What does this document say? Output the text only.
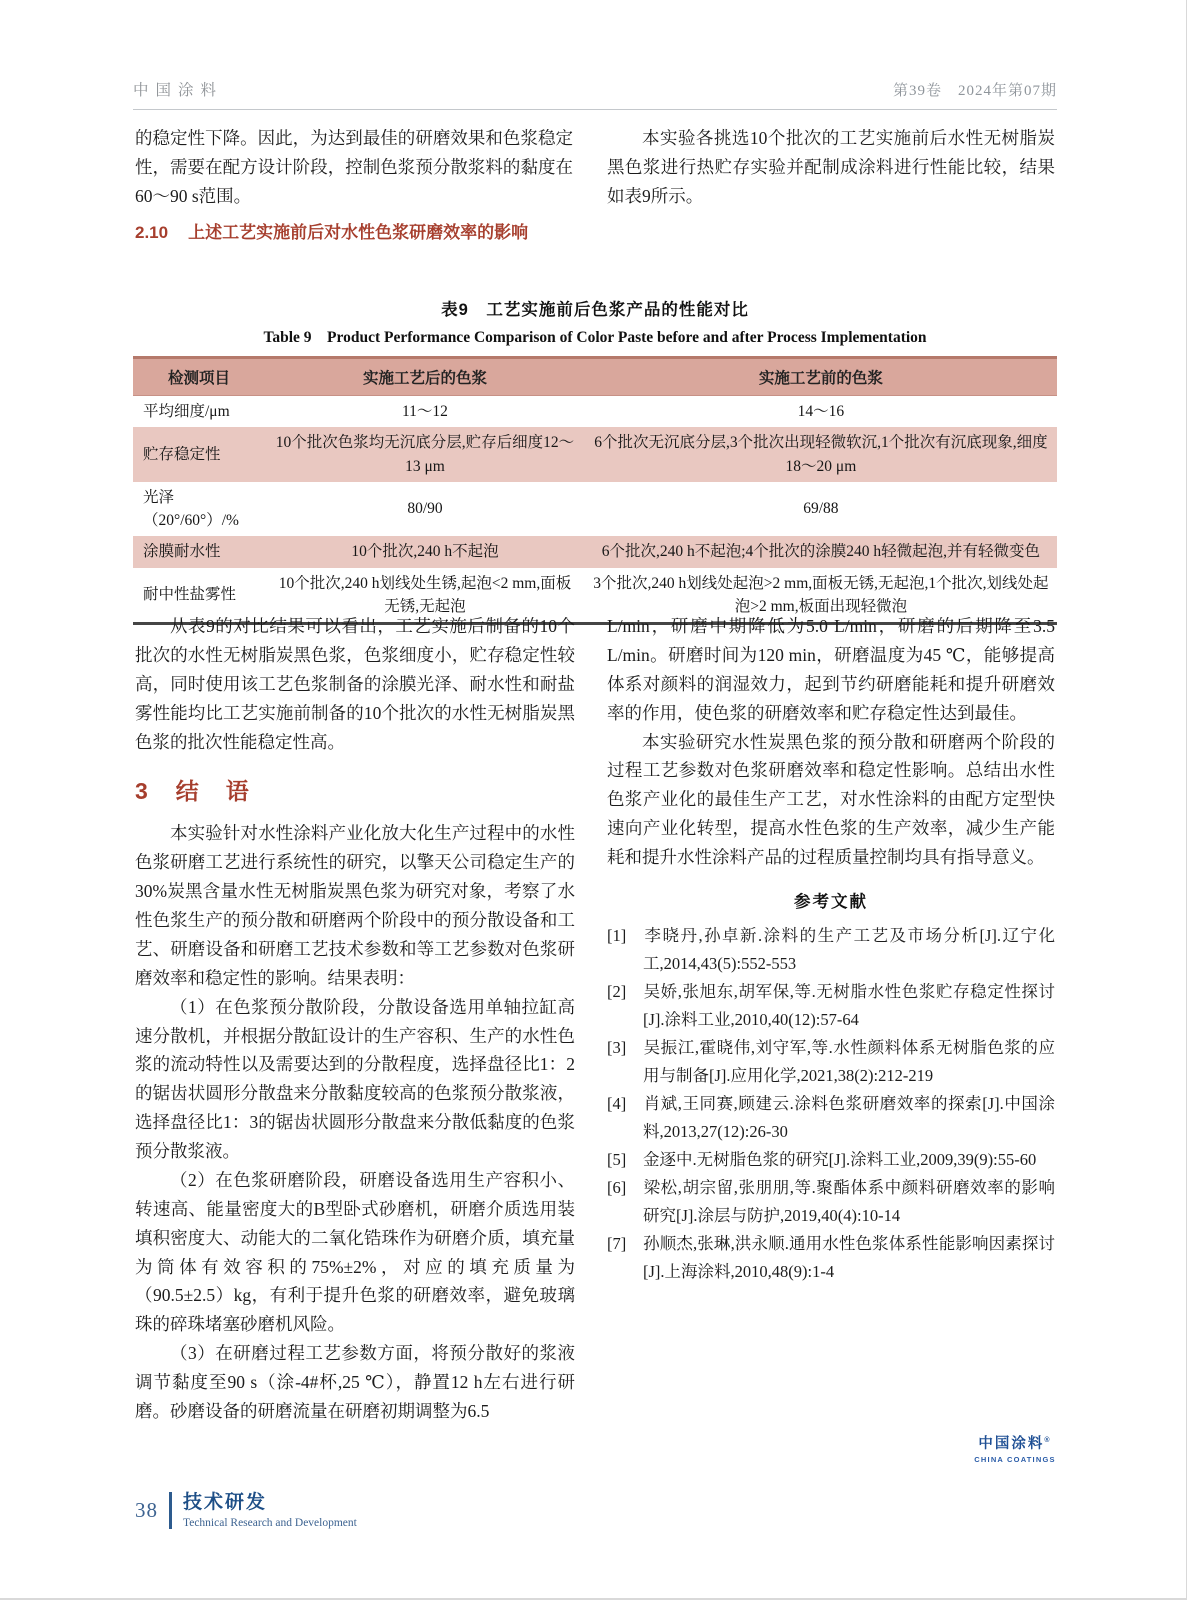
中国涂料	第39卷　2024年第07期

的稳定性下降。因此，为达到最佳的研磨效果和色浆稳定性，需要在配方设计阶段，控制色浆预分散浆料的黏度在60～90 s范围。

2.10 上述工艺实施前后对水性色浆研磨效率的影响

本实验各挑选10个批次的工艺实施前后水性无树脂炭黑色浆进行热贮存实验并配制成涂料进行性能比较，结果如表9所示。

表9　工艺实施前后色浆产品的性能对比
Table 9　Product Performance Comparison of Color Paste before and after Process Implementation
检测项目	实施工艺后的色浆	实施工艺前的色浆
平均细度/μm	11～12	14～16
贮存稳定性	10个批次色浆均无沉底分层,贮存后细度12～13 μm	6个批次无沉底分层,3个批次出现轻微软沉,1个批次有沉底现象,细度18～20 μm
光泽（20°/60°）/%	80/90	69/88
涂膜耐水性	10个批次,240 h不起泡	6个批次,240 h不起泡;4个批次的涂膜240 h轻微起泡,并有轻微变色
耐中性盐雾性	10个批次,240 h划线处生锈,起泡<2 mm,面板无锈,无起泡	3个批次,240 h划线处起泡>2 mm,面板无锈,无起泡,1个批次,划线处起泡>2 mm,板面出现轻微泡

从表9的对比结果可以看出，工艺实施后制备的10个批次的水性无树脂炭黑色浆，色浆细度小，贮存稳定性较高，同时使用该工艺色浆制备的涂膜光泽、耐水性和耐盐雾性能均比工艺实施前制备的10个批次的水性无树脂炭黑色浆的批次性能稳定性高。

3 结　语

本实验针对水性涂料产业化放大化生产过程中的水性色浆研磨工艺进行系统性的研究，以擎天公司稳定生产的30%炭黑含量水性无树脂炭黑色浆为研究对象，考察了水性色浆生产的预分散和研磨两个阶段中的预分散设备和工艺、研磨设备和研磨工艺技术参数和等工艺参数对色浆研磨效率和稳定性的影响。结果表明：

（1）在色浆预分散阶段，分散设备选用单轴拉缸高速分散机，并根据分散缸设计的生产容积、生产的水性色浆的流动特性以及需要达到的分散程度，选择盘径比1：2的锯齿状圆形分散盘来分散黏度较高的色浆预分散浆液，选择盘径比1：3的锯齿状圆形分散盘来分散低黏度的色浆预分散浆液。

（2）在色浆研磨阶段，研磨设备选用生产容积小、转速高、能量密度大的B型卧式砂磨机，研磨介质选用装填积密度大、动能大的二氧化锆珠作为研磨介质，填充量为筒体有效容积的75%±2%，对应的填充质量为（90.5±2.5）kg，有利于提升色浆的研磨效率，避免玻璃珠的碎珠堵塞砂磨机风险。

（3）在研磨过程工艺参数方面，将预分散好的浆液调节黏度至90 s（涂-4#杯,25 ℃），静置12 h左右进行研磨。砂磨设备的研磨流量在研磨初期调整为6.5

L/min，研磨中期降低为5.0 L/min，研磨的后期降至3.5 L/min。研磨时间为120 min，研磨温度为45 ℃，能够提高体系对颜料的润湿效力，起到节约研磨能耗和提升研磨效率的作用，使色浆的研磨效率和贮存稳定性达到最佳。

本实验研究水性炭黑色浆的预分散和研磨两个阶段的过程工艺参数对色浆研磨效率和稳定性影响。总结出水性色浆产业化的最佳生产工艺，对水性涂料的由配方定型快速向产业化转型，提高水性色浆的生产效率，减少生产能耗和提升水性涂料产品的过程质量控制均具有指导意义。

参考文献

[1] 李晓丹,孙卓新.涂料的生产工艺及市场分析[J].辽宁化工,2014,43(5):552-553

[2] 吴娇,张旭东,胡军保,等.无树脂水性色浆贮存稳定性探讨[J].涂料工业,2010,40(12):57-64

[3] 吴振江,霍晓伟,刘守军,等.水性颜料体系无树脂色浆的应用与制备[J].应用化学,2021,38(2):212-219

[4] 肖斌,王同赛,顾建云.涂料色浆研磨效率的探索[J].中国涂料,2013,27(12):26-30

[5] 金逐中.无树脂色浆的研究[J].涂料工业,2009,39(9):55-60

[6] 梁松,胡宗留,张朋朋,等.聚酯体系中颜料研磨效率的影响研究[J].涂层与防护,2019,40(4):10-14

[7] 孙顺杰,张琳,洪永顺.通用水性色浆体系性能影响因素探讨[J].上海涂料,2010,48(9):1-4

中国涂料®
CHINA COATINGS
38 技术研发
Technical Research and Development
